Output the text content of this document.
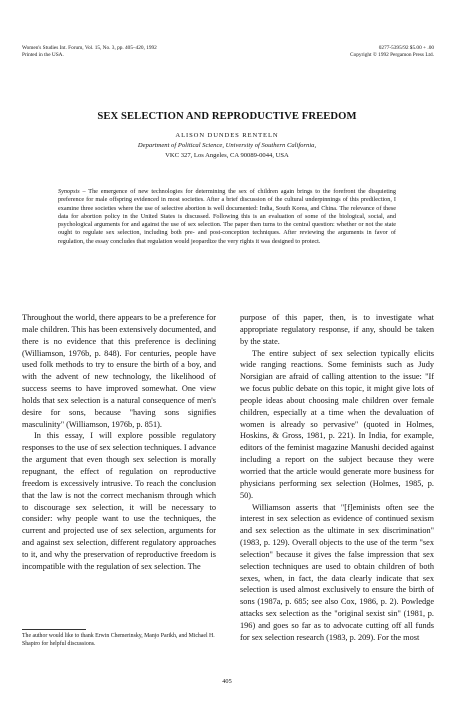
Women's Studies Int. Forum, Vol. 15, No. 3, pp. 405–420, 1992
Printed in the USA.
0277-5395/92 $5.00 + .00
Copyright © 1992 Pergamon Press Ltd.
SEX SELECTION AND REPRODUCTIVE FREEDOM
ALISON DUNDES RENTELN
Department of Political Science, University of Southern California,
VKC 327, Los Angeles, CA 90089-0044, USA
Synopsis – The emergence of new technologies for determining the sex of children again brings to the forefront the disquieting preference for male offspring evidenced in most societies. After a brief discussion of the cultural underpinnings of this predilection, I examine three societies where the use of selective abortion is well documented: India, South Korea, and China. The relevance of these data for abortion policy in the United States is discussed. Following this is an evaluation of some of the biological, social, and psychological arguments for and against the use of sex selection. The paper then turns to the central question: whether or not the state ought to regulate sex selection, including both pre- and post-conception techniques. After reviewing the arguments in favor of regulation, the essay concludes that regulation would jeopardize the very rights it was designed to protect.

Throughout the world, there appears to be a preference for male children. This has been extensively documented, and there is no evidence that this preference is declining (Williamson, 1976b, p. 848). For centuries, people have used folk methods to try to ensure the birth of a boy, and with the advent of new technology, the likelihood of success seems to have improved somewhat. One view holds that sex selection is a natural consequence of men's desire for sons, because "having sons signifies masculinity" (Williamson, 1976b, p. 851).

In this essay, I will explore possible regulatory responses to the use of sex selection techniques. I advance the argument that even though sex selection is morally repugnant, the effect of regulation on reproductive freedom is excessively intrusive. To reach the conclusion that the law is not the correct mechanism through which to discourage sex selection, it will be necessary to consider: why people want to use the techniques, the current and projected use of sex selection, arguments for and against sex selection, different regulatory approaches to it, and why the preservation of reproductive freedom is incompatible with the regulation of sex selection. The

purpose of this paper, then, is to investigate what appropriate regulatory response, if any, should be taken by the state.

The entire subject of sex selection typically elicits wide ranging reactions. Some feminists such as Judy Norsigian are afraid of calling attention to the issue: "If we focus public debate on this topic, it might give lots of people ideas about choosing male children over female children, especially at a time when the devaluation of women is already so pervasive" (quoted in Holmes, Hoskins, & Gross, 1981, p. 221). In India, for example, editors of the feminist magazine Manushi decided against including a report on the subject because they were worried that the article would generate more business for physicians performing sex selection (Holmes, 1985, p. 50).

Williamson asserts that "[f]eminists often see the interest in sex selection as evidence of continued sexism and sex selection as the ultimate in sex discrimination" (1983, p. 129). Overall objects to the use of the term "sex selection" because it gives the false impression that sex selection techniques are used to obtain children of both sexes, when, in fact, the data clearly indicate that sex selection is used almost exclusively to ensure the birth of sons (1987a, p. 685; see also Cox, 1986, p. 2). Powledge attacks sex selection as the "original sexist sin" (1981, p. 196) and goes so far as to advocate cutting off all funds for sex selection research (1983, p. 209). For the most

The author would like to thank Erwin Chemerinsky, Manjo Parikh, and Michael H. Shapiro for helpful discussions.
405
